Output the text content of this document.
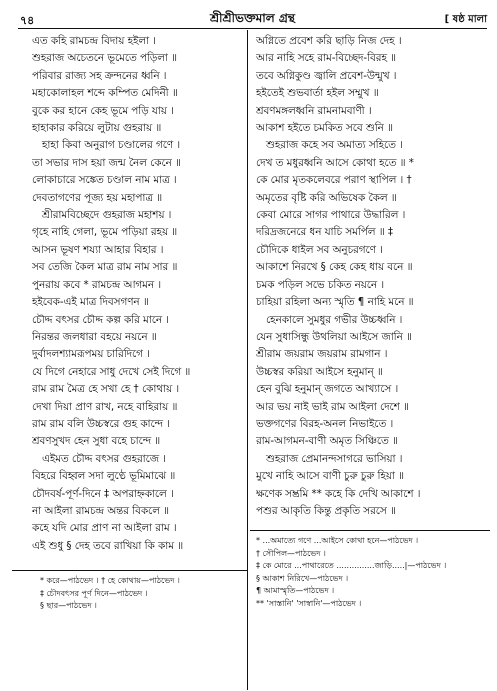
৭৪	শ্রীশ্রীভক্তমাল গ্রন্থ	[ ষষ্ঠ মালা
এত কহি রামচন্দ্র বিদায় হইলা ।
শুহরাজ অচেতনে ভূমেতে পড়িলা ॥
পরিবার রাজ্য সহ ক্রন্দনের ধ্বনি ।
মহাকোলাহল শব্দে কম্পিত মেদিনী ॥
বুকে কর হানে কেহ ভূমে পড়ি যায় ।
হাহাকার করিয়ে লুটায় গুহরায় ॥
হাহা কিবা অনুরাগ চণ্ডালের গণে ।
তা সভার দাস হয়া জন্ম নৈল কেনে ॥
লোকাচারে সঙ্কেত চণ্ডাল নাম মাত্র ।
দেবতাগণের পূজ্য হয় মহাপাত্র ॥
শ্রীরামবিচ্ছেদে গুহরাজ মহাশয় ।
গৃহে নাহি গেলা, ভূমে পড়িয়া রহয় ॥
আসন ভূষণ শয্যা আহার বিহার ।
সব তেজি কৈল মাত্র রাম নাম সার ॥
পুনরায় কবে * রামচন্দ্র আগমন ।
হইবেক-এই মাত্র দিবসগণন ॥
চৌদ্দ বৎসর চৌদ্দ কল্প করি মানে ।
নিরন্তর জলধারা বহয়ে নয়নে ॥
দুর্বাদলশ্যামরূপময় চারিদিগে ।
যে দিগে নেহারে সাধু দেখে সেই দিগে ॥
রাম রাম মৈত্র হে সখা হে † কোথায় ।
দেখা দিয়া প্রাণ রাখ, নহে বাহিরায় ॥
রাম রাম বলি উচ্চস্বরে গুহ কান্দে ।
শ্রবণসুখদ হেন সুধা বহে চান্দে ॥
এইমত চৌদ্দ বৎসর গুহরাজে ।
বিহরে বিহ্বল সদা লুণ্ঠে ভূমিমাঝে ॥
চৌদবর্ষ-পূর্ণ-দিনে ‡ অপরাহ্নকালে ।
না আইলা রামচন্দ্র অন্তর বিকলে ॥
কহে যদি মোর প্রাণ না আইলা রাম ।
এই শুধু § দেহ তবে রাখিয়া কি কাম ॥
অগ্নিতে প্রবেশ করি ছাড়ি নিজ দেহ ।
আর নাহি সহে রাম-বিচ্ছেদ-বিরহ ॥
তবে অগ্নিকুণ্ড জ্বালি প্রবেশ-উন্মুখ ।
হইতেই শুভবার্তা হইল সম্মুখ ॥
শ্রবণমঙ্গলধ্বনি রামনামবাণী ।
আকাশ হইতে চমকিত সবে শুনি ॥
শুহরাজ কহে সব অমাত্য সহিতে ।
দেখ ত মধুরধ্বনি আসে কোথা হতে ॥ *
কে মোর মৃতকলেবরে পরাণ স্থাপিল । †
অমৃতের বৃষ্টি করি অভিষেক কৈল ॥
কেবা মোরে সাগর পাথারে উদ্ধারিল ।
দরিদ্রজনেরে ধন যাচি সমর্পিল ॥ ‡
চৌদিকে ধাইল সব অনুচরগণে ।
আকাশে নিরখে § কেহ কেহ ধায় বনে ॥
চমক পড়িল সভে চকিত নয়নে ।
চাহিয়া রহিলা অন্য স্মৃতি ¶ নাহি মনে ॥
হেনকালে সুমধুর গভীর উচ্চধ্বনি ।
যেন সুধাসিন্ধু উথলিয়া আইসে জানি ॥
শ্রীরাম জয়রাম জয়রাম রামগান ।
উচ্চস্বর করিয়া আইসে হনুমান্ ॥
হেন বুঝি হনুমান্ জগতে আখ্যাসে ।
আর ভয় নাই ভাই রাম আইলা দেশে ॥
ভক্তগণের বিরহ-অনল নিভাইতে ।
রাম-আগমন-বাণী অমৃত সিঞ্চিতে ॥
শুহরাজ প্রেমানন্দসাগরে ভাসিয়া ।
মুখে নাহি আসে বাণী চুরু চুরু হিয়া ॥
ক্ষণেক সম্ভ্রমি ** কহে কি দেখি আকাশে ।
পশুর আকৃতি কিন্তু প্রকৃতি সরসে ॥
* করে—পাঠভেদ । † হে কোথায়—পাঠভেদ ।
‡ চৌদবৎসর পূর্ণ দিনে—পাঠভেদ ।
§ ছার—পাঠভেদ ।
* ...অমাত্যে গণে ...আইসে কোথা হনে—পাঠভেদ ।
† সৌপিল—পাঠভেদ ।
‡ কে মোরে ...পাথারেতে ...............জাড়ি.....|—পাঠভেদ ।
§ আকাশ নিরিখে—পাঠভেদ ।
¶ আমাস্মৃতি—পাঠভেদ ।
** 'সাস্তানি' 'সাস্বানি'—পাঠভেদ ।
